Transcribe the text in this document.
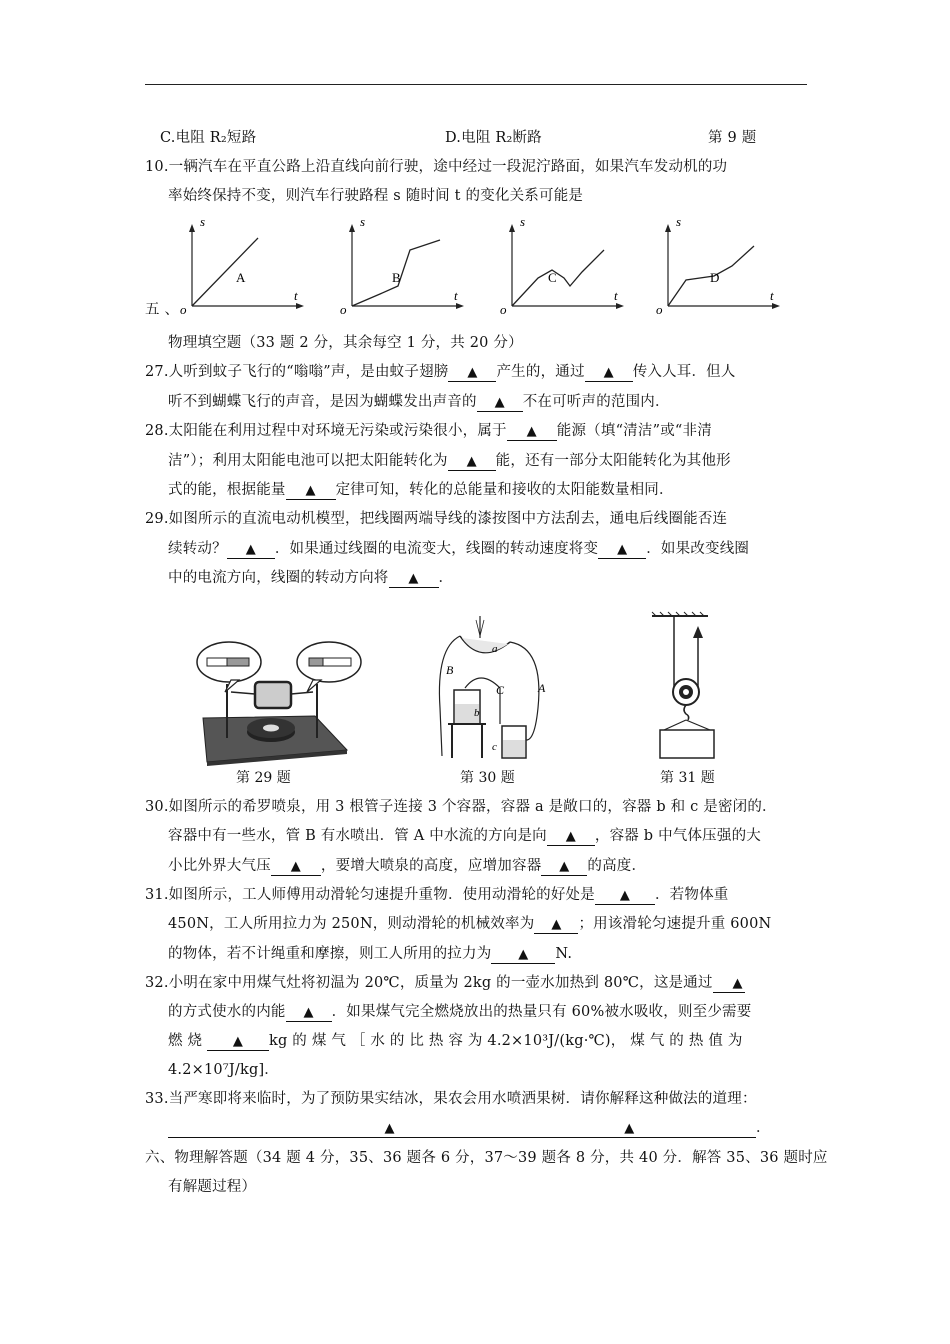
C.电阻 R₂短路	D.电阻 R₂断路	第 9 题
10.一辆汽车在平直公路上沿直线向前行驶，途中经过一段泥泞路面，如果汽车发动机的功
率始终保持不变，则汽车行驶路程 s 随时间 t 的变化关系可能是
s
t
o
A
s
t
o
B
s
t
o
C
s
t
o
D
五 、
物理填空题（33 题 2 分，其余每空 1 分，共 20 分）
27.人听到蚊子飞行的“嗡嗡”声，是由蚊子翅膀 ▲ 产生的，通过 ▲ 传入人耳．但人
听不到蝴蝶飞行的声音，是因为蝴蝶发出声音的 ▲ 不在可听声的范围内．
28.太阳能在利用过程中对环境无污染或污染很小，属于 ▲ 能源（填“清洁”或“非清
洁”）；利用太阳能电池可以把太阳能转化为 ▲ 能，还有一部分太阳能转化为其他形
式的能，根据能量 ▲ 定律可知，转化的总能量和接收的太阳能数量相同．
29.如图所示的直流电动机模型，把线圈两端导线的漆按图中方法刮去，通电后线圈能否连
续转动？ ▲ ．如果通过线圈的电流变大，线圈的转动速度将变 ▲ ．如果改变线圈
中的电流方向，线圈的转动方向将 ▲ ．
a
B
C	A
b
c
第 29 题	第 30 题	第 31 题
30.如图所示的希罗喷泉，用 3 根管子连接 3 个容器，容器 a 是敞口的，容器 b 和 c 是密闭的．
容器中有一些水，管 B 有水喷出．管 A 中水流的方向是向 ▲ ，容器 b 中气体压强的大
小比外界大气压 ▲ ，要增大喷泉的高度，应增加容器 ▲ 的高度．
31.如图所示，工人师傅用动滑轮匀速提升重物．使用动滑轮的好处是 ▲ ．若物体重
450N，工人所用拉力为 250N，则动滑轮的机械效率为 ▲ ；用该滑轮匀速提升重 600N
的物体，若不计绳重和摩擦，则工人所用的拉力为 ▲ N.
32.小明在家中用煤气灶将初温为 20℃，质量为 2kg 的一壶水加热到 80℃，这是通过 ▲
的方式使水的内能 ▲ ．如果煤气完全燃烧放出的热量只有 60%被水吸收，则至少需要
燃 烧 ▲ kg 的 煤 气 ［ 水 的 比 热 容 为 4.2×10³J/(kg·℃)， 煤 气 的 热 值 为
4.2×10⁷J/kg]．
33.当严寒即将来临时，为了预防果实结冰，果农会用水喷洒果树．请你解释这种做法的道理：
▲	▲	．
六、物理解答题（34 题 4 分，35、36 题各 6 分，37～39 题各 8 分，共 40 分．解答 35、36 题时应
有解题过程）
